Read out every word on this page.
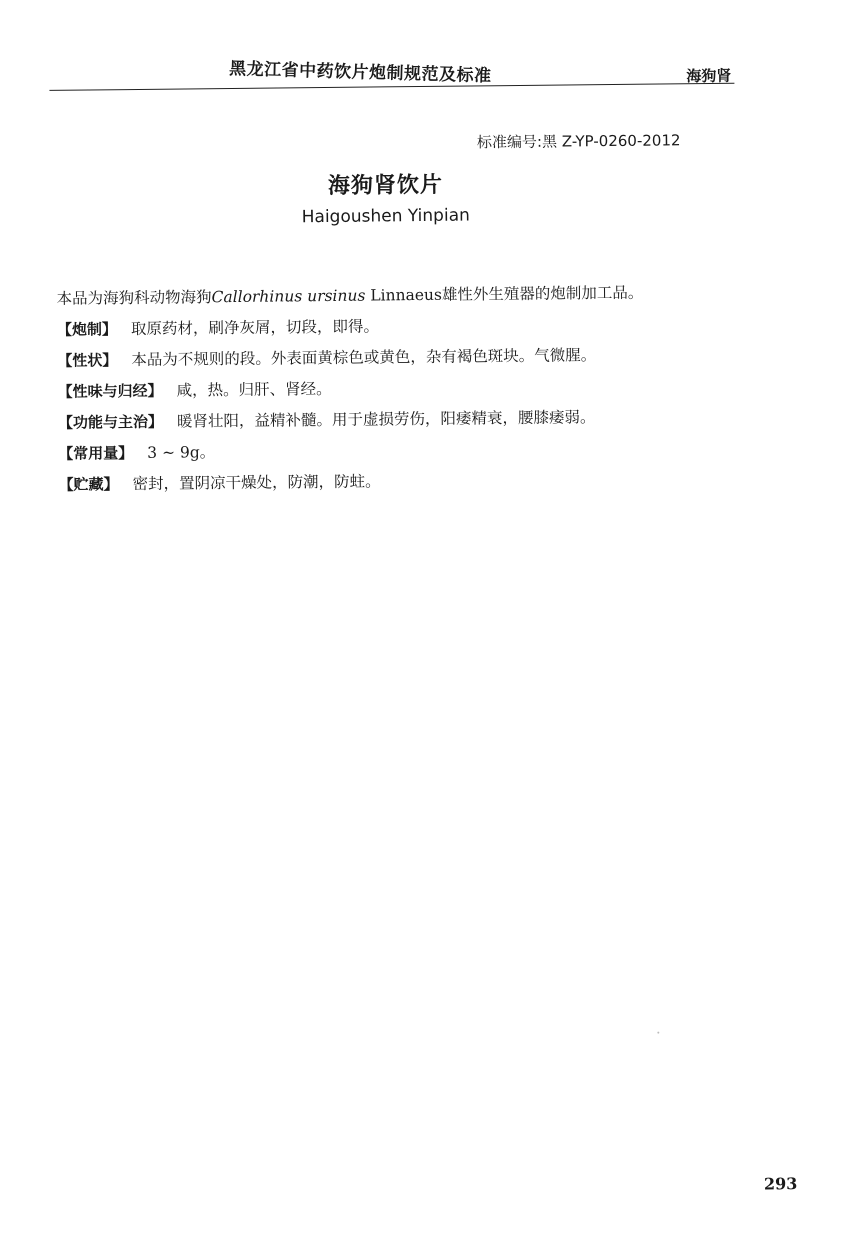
黑龙江省中药饮片炮制规范及标准	海狗肾
标准编号:黑 Z-YP-0260-2012
海狗肾饮片
Haigoushen Yinpian
本品为海狗科动物海狗Callorhinus ursinus Linnaeus雄性外生殖器的炮制加工品。
【炮制】 取原药材，刷净灰屑，切段，即得。
【性状】 本品为不规则的段。外表面黄棕色或黄色，杂有褐色斑块。气微腥。
【性味与归经】 咸，热。归肝、肾经。
【功能与主治】 暖肾壮阳，益精补髓。用于虚损劳伤，阳痿精衰，腰膝痿弱。
【常用量】 3 ~ 9g。
【贮藏】 密封，置阴凉干燥处，防潮，防蛀。
293
